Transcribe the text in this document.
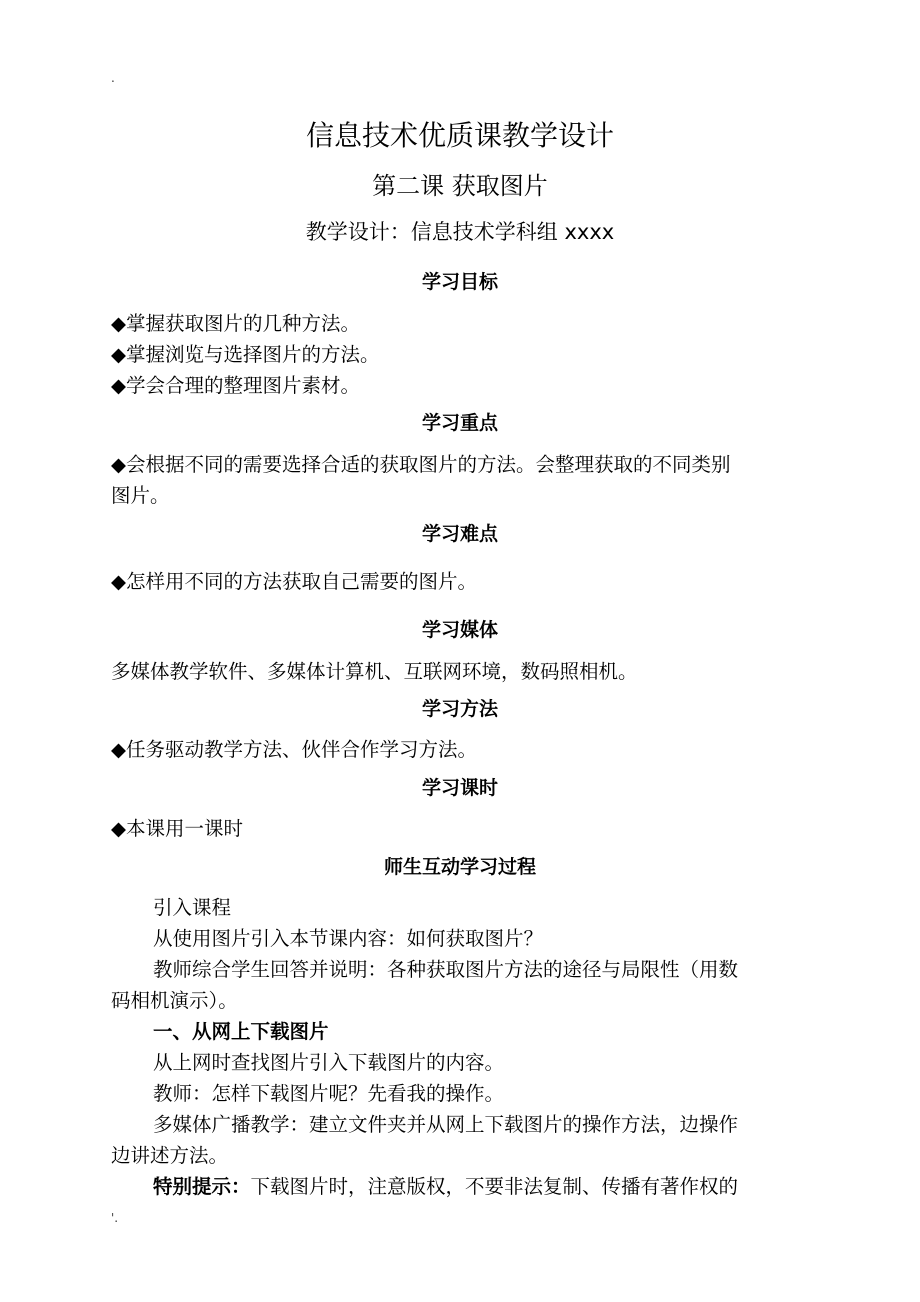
.
信息技术优质课教学设计
第二课 获取图片
教学设计：信息技术学科组 xxxx
学习目标
◆掌握获取图片的几种方法。
◆掌握浏览与选择图片的方法。
◆学会合理的整理图片素材。
学习重点
◆会根据不同的需要选择合适的获取图片的方法。会整理获取的不同类别
图片。
学习难点
◆怎样用不同的方法获取自己需要的图片。
学习媒体
多媒体教学软件、多媒体计算机、互联网环境，数码照相机。
学习方法
◆任务驱动教学方法、伙伴合作学习方法。
学习课时
◆本课用一课时
师生互动学习过程
引入课程
从使用图片引入本节课内容：如何获取图片？
教师综合学生回答并说明：各种获取图片方法的途径与局限性（用数
码相机演示）。
一、从网上下载图片
从上网时查找图片引入下载图片的内容。
教师：怎样下载图片呢？先看我的操作。
多媒体广播教学：建立文件夹并从网上下载图片的操作方法，边操作
边讲述方法。
特别提示：下载图片时，注意版权，不要非法复制、传播有著作权的
'.
